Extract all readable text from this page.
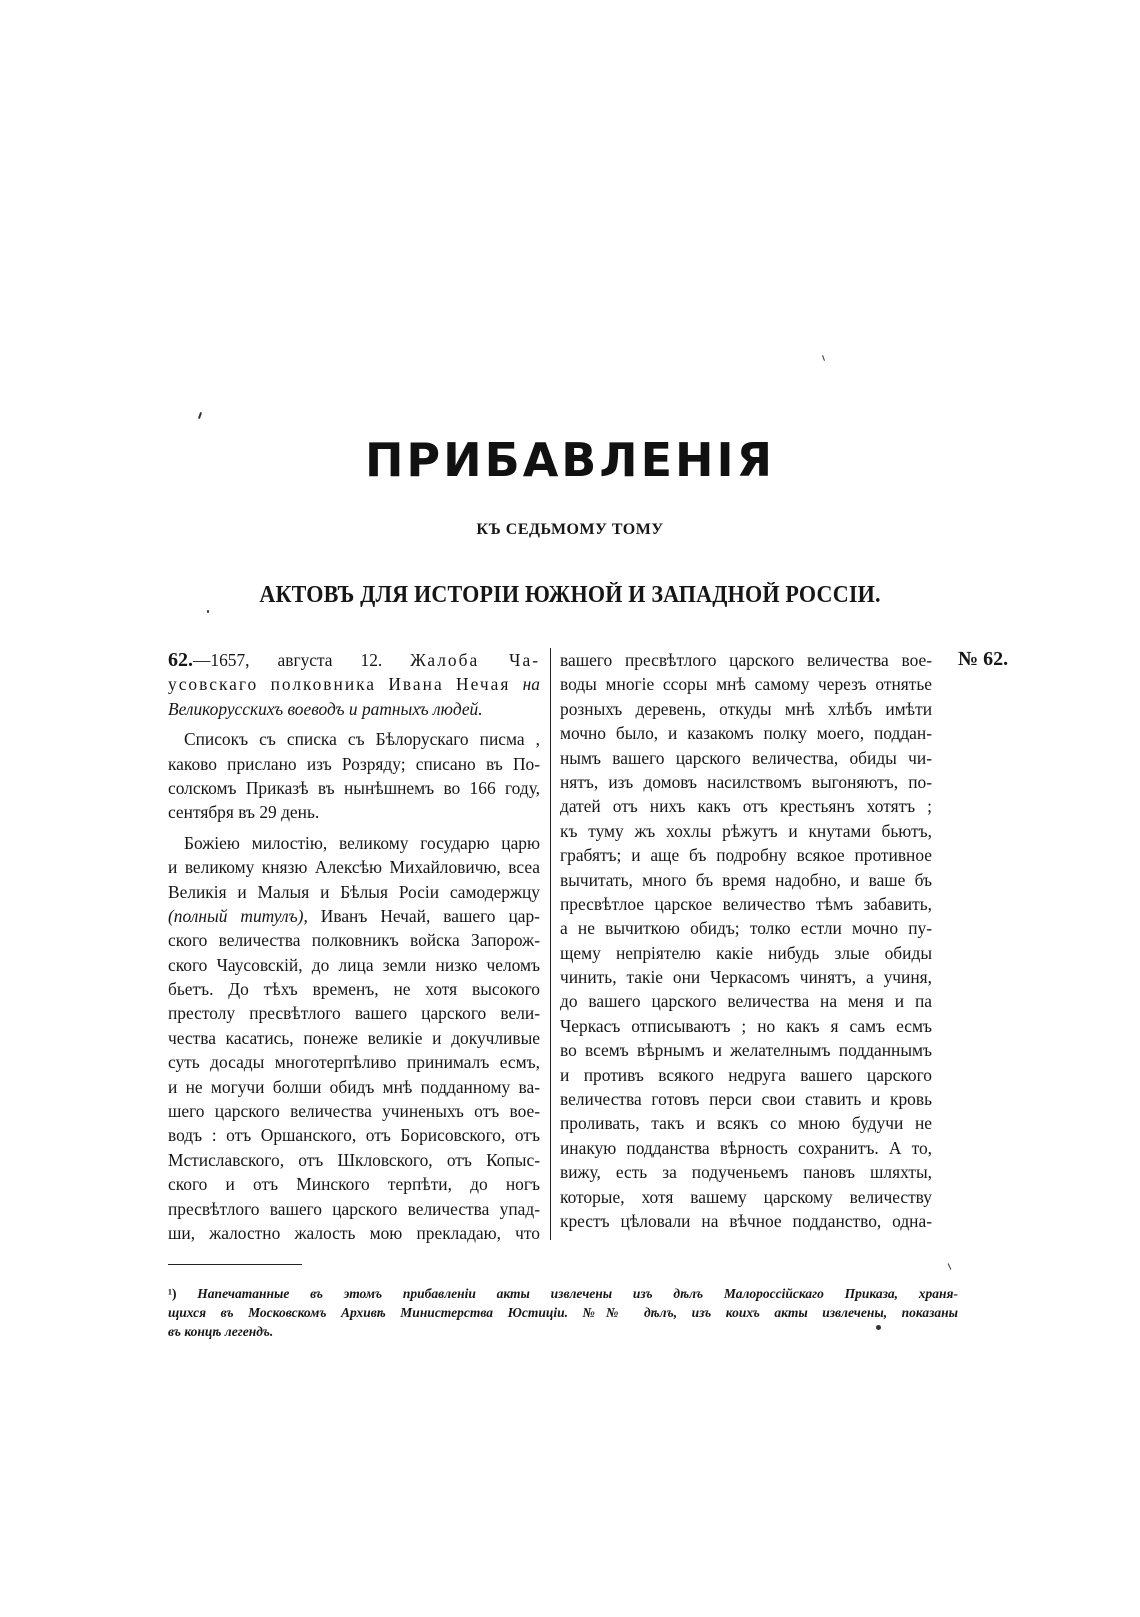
ПРИБАВЛЕНІЯ
КЪ СЕДЬМОМУ ТОМУ
АКТОВЪ ДЛЯ ИСТОРІИ ЮЖНОЙ И ЗАПАДНОЙ РОССІИ.
62.—1657, августа 12. Жалоба Ча-
усовскаго полковника Ивана Нечая на
Великорусскихъ воеводъ и ратныхъ людей.
Списокъ съ списка съ Бѣлорускаго писма ,
каково прислано изъ Розряду; списано въ По-
солскомъ Приказѣ въ нынѣшнемъ во 166 году,
сентября въ 29 день.
Божіею милостію, великому государю царю
и великому князю Алексѣю Михайловичю, всеа
Великія и Малыя и Бѣлыя Росіи самодержцу
(полный титулъ), Иванъ Нечай, вашего цар-
ского величества полковникъ войска Запорож-
ского Чаусовскій, до лица земли низко челомъ
бьетъ. До тѣхъ временъ, не хотя высокого
престолу пресвѣтлого вашего царского вели-
чества касатись, понеже великіе и докучливые
суть досады многотерпѣливо принималъ есмъ,
и не могучи болши обидъ мнѣ подданному ва-
шего царского величества учиненыхъ отъ вое-
водъ : отъ Оршанского, отъ Борисовского, отъ
Мстиславского, отъ Шкловского, отъ Копыс-
ского и отъ Минского терпѣти, до ногъ
пресвѣтлого вашего царского величества упад-
ши, жалостно жалость мою прекладаю, что
вашего пресвѣтлого царского величества вое-
воды многіе ссоры мнѣ самому черезъ отнятье
розныхъ деревень, откуды мнѣ хлѣбъ имѣти
мочно было, и казакомъ полку моего, поддан-
нымъ вашего царского величества, обиды чи-
нятъ, изъ домовъ насилствомъ выгоняютъ, по-
датей отъ нихъ какъ отъ крестьянъ хотятъ ;
къ туму жъ хохлы рѣжутъ и кнутами бьютъ,
грабятъ; и аще бъ подробну всякое противное
вычитать, много бъ время надобно, и ваше бъ
пресвѣтлое царское величество тѣмъ забавить,
а не вычиткою обидъ; толко естли мочно пу-
щему непріятелю какіе нибудь злые обиды
чинить, такіе они Черкасомъ чинятъ, а учиня,
до вашего царского величества на меня и па
Черкасъ отписываютъ ; но какъ я самъ есмъ
во всемъ вѣрнымъ и желателнымъ подданнымъ
и противъ всякого недруга вашего царского
величества готовъ перси свои ставить и кровь
проливать, такъ и всякъ со мною будучи не
инакую подданства вѣрность сохранитъ. А то,
вижу, есть за подученьемъ пановъ шляхты,
которые, хотя вашему царскому величеству
крестъ цѣловали на вѣчное подданство, одна-
№ 62.
¹) Напечатанные въ этомъ прибавленіи акты извлечены изъ дѣлъ Малороссійскаго Приказа, храня-
щихся въ Московскомъ Архивѣ Министерства Юстиціи. №№ дѣлъ, изъ коихъ акты извлечены, показаны
въ концѣ легендъ.
